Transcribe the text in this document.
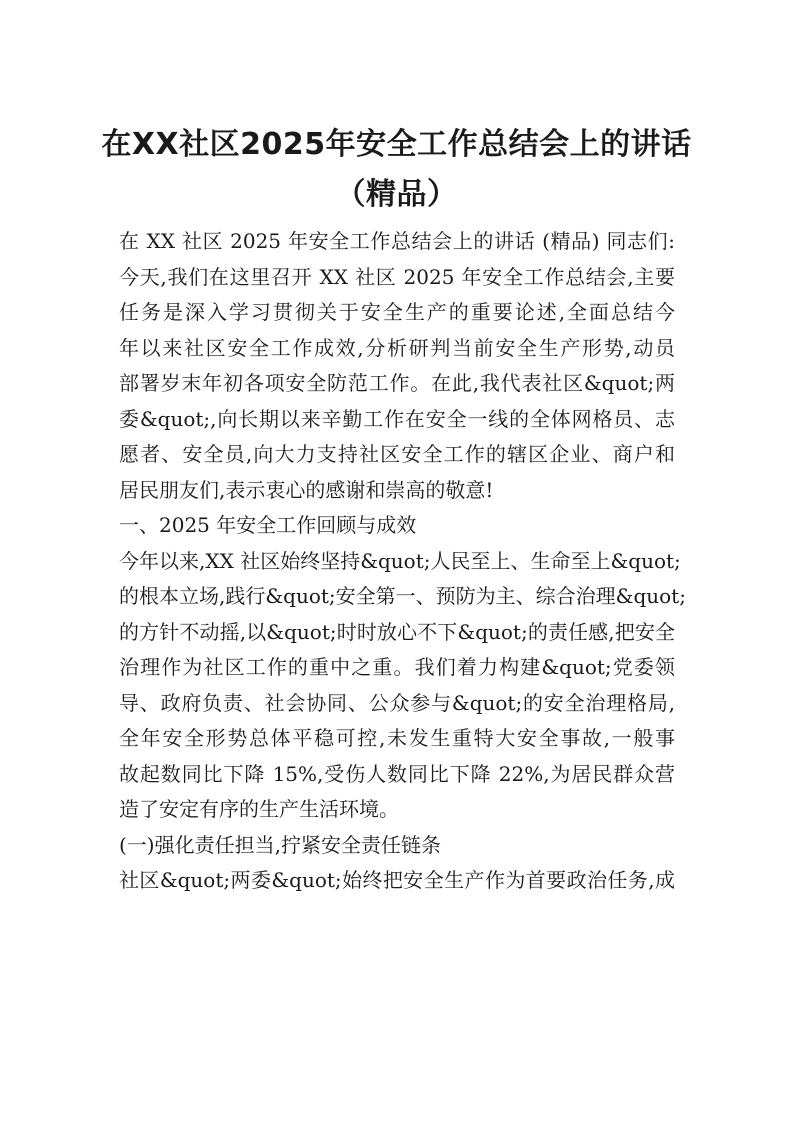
在XX社区2025年安全工作总结会上的讲话
（精品）
在 XX 社区 2025 年安全工作总结会上的讲话 (精品) 同志们:
今天,我们在这里召开 XX 社区 2025 年安全工作总结会,主要
任务是深入学习贯彻关于安全生产的重要论述,全面总结今
年以来社区安全工作成效,分析研判当前安全生产形势,动员
部署岁末年初各项安全防范工作。在此,我代表社区&quot;两
委&quot;,向长期以来辛勤工作在安全一线的全体网格员、志
愿者、安全员,向大力支持社区安全工作的辖区企业、商户和
居民朋友们,表示衷心的感谢和崇高的敬意!
一、2025 年安全工作回顾与成效
今年以来,XX 社区始终坚持&quot;人民至上、生命至上&quot;
的根本立场,践行&quot;安全第一、预防为主、综合治理&quot;
的方针不动摇,以&quot;时时放心不下&quot;的责任感,把安全
治理作为社区工作的重中之重。我们着力构建&quot;党委领
导、政府负责、社会协同、公众参与&quot;的安全治理格局,
全年安全形势总体平稳可控,未发生重特大安全事故,一般事
故起数同比下降 15%,受伤人数同比下降 22%,为居民群众营
造了安定有序的生产生活环境。
(一)强化责任担当,拧紧安全责任链条
社区&quot;两委&quot;始终把安全生产作为首要政治任务,成
